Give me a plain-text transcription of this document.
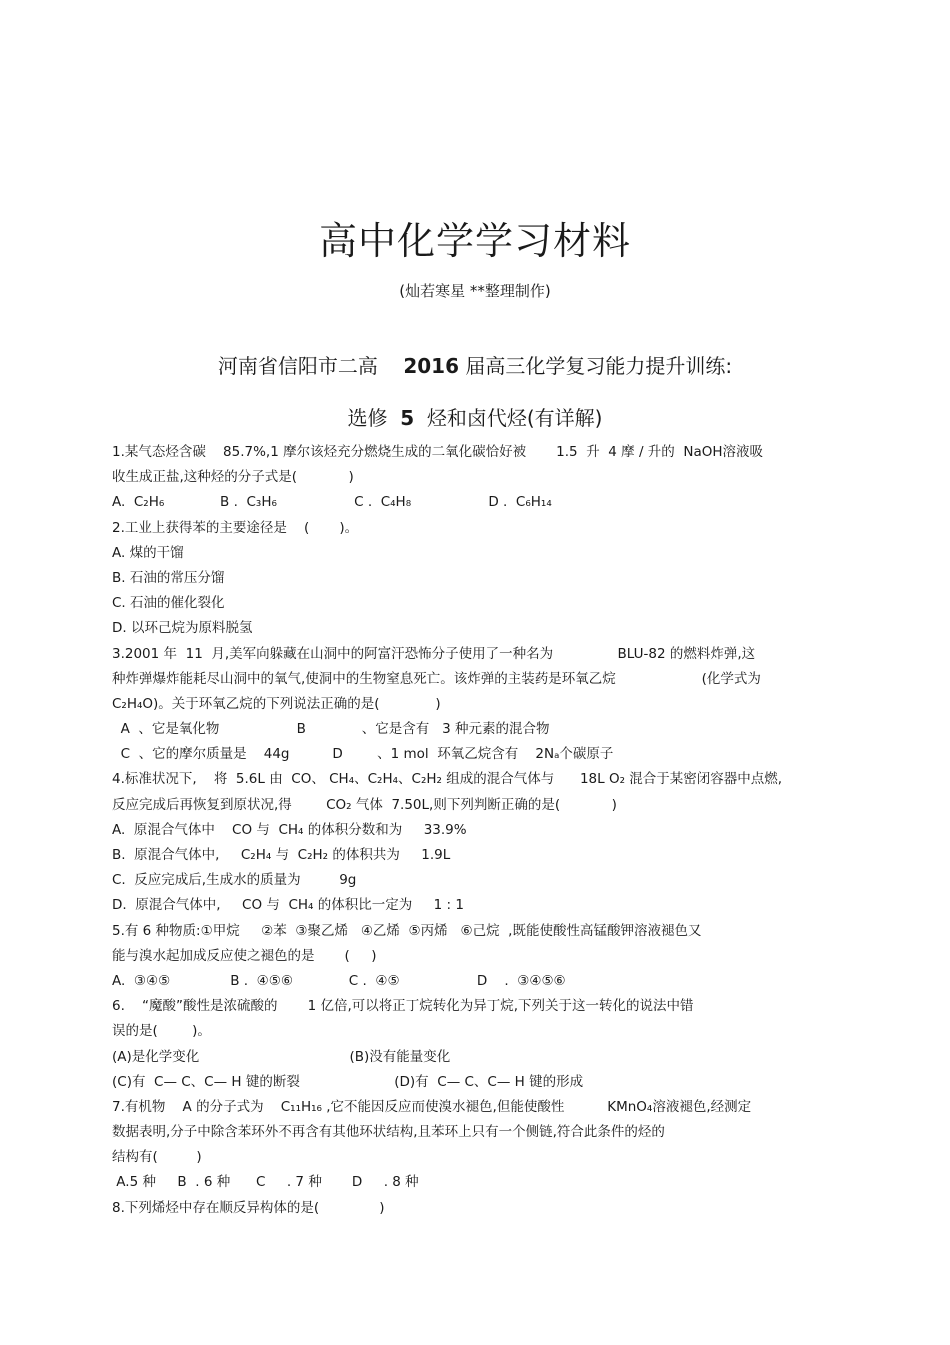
高中化学学习材料
(灿若寒星 **整理制作)
河南省信阳市二高    2016 届高三化学复习能力提升训练:
选修  5  烃和卤代烃(有详解)
1.某气态烃含碳    85.7%,1 摩尔该烃充分燃烧生成的二氧化碳恰好被       1.5  升  4 摩 / 升的  NaOH溶液吸
收生成正盐,这种烃的分子式是(            )
A.  C₂H₆             B .  C₃H₆                  C .  C₄H₈                  D .  C₆H₁₄
2.工业上获得苯的主要途径是    (       )。
A. 煤的干馏
B. 石油的常压分馏
C. 石油的催化裂化
D. 以环己烷为原料脱氢
3.2001 年  11  月,美军向躲藏在山洞中的阿富汗恐怖分子使用了一种名为               BLU-82 的燃料炸弹,这
种炸弹爆炸能耗尽山洞中的氧气,使洞中的生物窒息死亡。该炸弹的主装药是环氧乙烷                    (化学式为
C₂H₄O)。关于环氧乙烷的下列说法正确的是(             )
A  、它是氧化物                  B             、它是含有   3 种元素的混合物
C  、它的摩尔质量是    44g          D        、1 mol  环氧乙烷含有    2Nₐ个碳原子
4.标准状况下,    将  5.6L 由  CO、 CH₄、C₂H₄、C₂H₂ 组成的混合气体与      18L O₂ 混合于某密闭容器中点燃,
反应完成后再恢复到原状况,得        CO₂ 气体  7.50L,则下列判断正确的是(            )
A.  原混合气体中    CO 与  CH₄ 的体积分数和为     33.9%
B.  原混合气体中,     C₂H₄ 与  C₂H₂ 的体积共为     1.9L
C.  反应完成后,生成水的质量为         9g
D.  原混合气体中,     CO 与  CH₄ 的体积比一定为     1 : 1
5.有 6 种物质:①甲烷     ②苯  ③聚乙烯   ④乙烯  ⑤丙烯   ⑥己烷  ,既能使酸性高锰酸钾溶液褪色又
能与溴水起加成反应使之褪色的是       (     )
A.  ③④⑤              B .  ④⑤⑥             C .  ④⑤                  D    .  ③④⑤⑥
6.    “魔酸”酸性是浓硫酸的       1 亿倍,可以将正丁烷转化为异丁烷,下列关于这一转化的说法中错
误的是(        )。
(A)是化学变化                                   (B)没有能量变化
(C)有  C— C、C— H 键的断裂                      (D)有  C— C、C— H 键的形成
7.有机物    A 的分子式为    C₁₁H₁₆ ,它不能因反应而使溴水褪色,但能使酸性          KMnO₄溶液褪色,经测定
数据表明,分子中除含苯环外不再含有其他环状结构,且苯环上只有一个侧链,符合此条件的烃的
结构有(         )
A.5 种     B  . 6 种      C     . 7 种       D     . 8 种
8.下列烯烃中存在顺反异构体的是(              )
